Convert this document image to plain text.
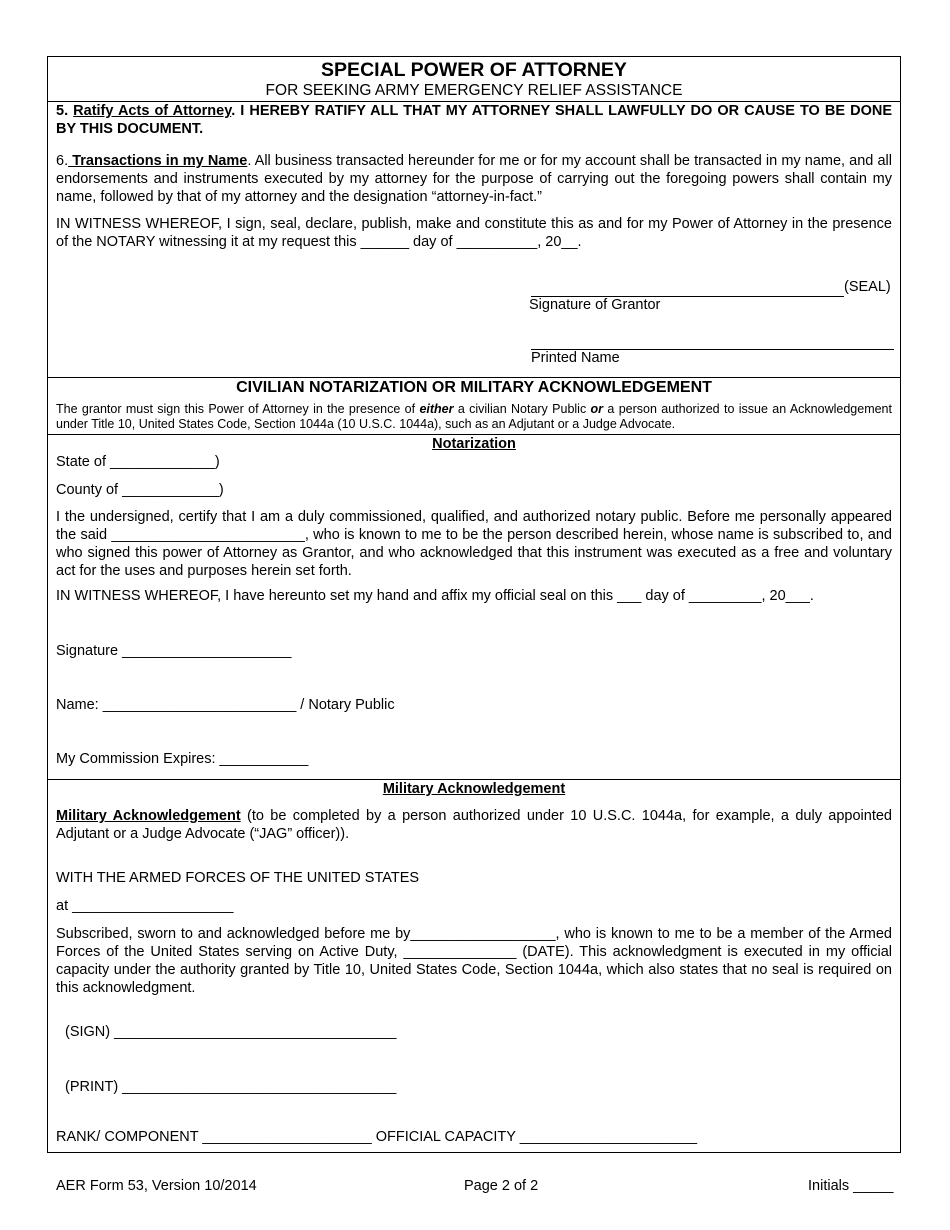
SPECIAL POWER OF ATTORNEY
FOR SEEKING ARMY EMERGENCY RELIEF ASSISTANCE
5. Ratify Acts of Attorney. I HEREBY RATIFY ALL THAT MY ATTORNEY SHALL LAWFULLY DO OR CAUSE TO BE DONE BY THIS DOCUMENT.
6. Transactions in my Name. All business transacted hereunder for me or for my account shall be transacted in my name, and all endorsements and instruments executed by my attorney for the purpose of carrying out the foregoing powers shall contain my name, followed by that of my attorney and the designation “attorney-in-fact.”
IN WITNESS WHEREOF, I sign, seal, declare, publish, make and constitute this as and for my Power of Attorney in the presence of the NOTARY witnessing it at my request this ______ day of __________, 20__.
(SEAL)
Signature of Grantor
Printed Name
CIVILIAN NOTARIZATION OR MILITARY ACKNOWLEDGEMENT
The grantor must sign this Power of Attorney in the presence of either a civilian Notary Public or a person authorized to issue an Acknowledgement under Title 10, United States Code, Section 1044a (10 U.S.C. 1044a), such as an Adjutant or a Judge Advocate.
Notarization
State of _____________)
County of ____________)
I the undersigned, certify that I am a duly commissioned, qualified, and authorized notary public. Before me personally appeared the said ________________________, who is known to me to be the person described herein, whose name is subscribed to, and who signed this power of Attorney as Grantor, and who acknowledged that this instrument was executed as a free and voluntary act for the uses and purposes herein set forth.
IN WITNESS WHEREOF, I have hereunto set my hand and affix my official seal on this ___ day of _________, 20___.
Signature _____________________
Name: ________________________ / Notary Public
My Commission Expires: ___________
Military Acknowledgement
Military Acknowledgement (to be completed by a person authorized under 10 U.S.C. 1044a, for example, a duly appointed Adjutant or a Judge Advocate (“JAG” officer)).
WITH THE ARMED FORCES OF THE UNITED STATES
at ____________________
Subscribed, sworn to and acknowledged before me by__________________, who is known to me to be a member of the Armed Forces of the United States serving on Active Duty, ______________ (DATE). This acknowledgment is executed in my official capacity under the authority granted by Title 10, United States Code, Section 1044a, which also states that no seal is required on this acknowledgment.
(SIGN) ___________________________________
(PRINT) __________________________________
RANK/ COMPONENT _____________________ OFFICIAL CAPACITY ______________________
AER Form 53, Version 10/2014	Page 2 of 2	Initials _____
